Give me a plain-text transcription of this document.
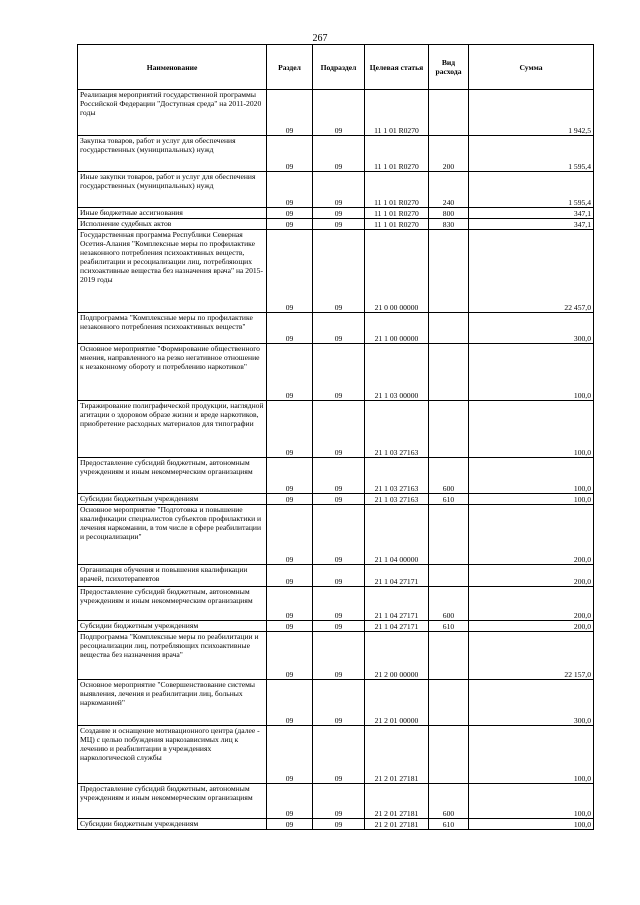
267
Наименование	Раздел	Подраздел	Целевая статья	Вид расхода	Сумма
Реализация мероприятий государственной программы Российской Федерации "Доступная среда" на 2011-2020 годы	09	09	11 1 01 R0270		1 942,5
Закупка товаров, работ и услуг для обеспечения государственных (муниципальных) нужд	09	09	11 1 01 R0270	200	1 595,4
Иные закупки товаров, работ и услуг для обеспечения государственных (муниципальных) нужд	09	09	11 1 01 R0270	240	1 595,4
Иные бюджетные ассигнования	09	09	11 1 01 R0270	800	347,1
Исполнение судебных актов	09	09	11 1 01 R0270	830	347,1
Государственная программа Республики Северная Осетия-Алания "Комплексные меры по профилактике незаконного потребления психоактивных веществ, реабилитации и ресоциализации лиц, потребляющих психоактивные вещества без назначения врача" на 2015-2019 годы	09	09	21 0 00 00000		22 457,0
Подпрограмма "Комплексные меры по профилактике незаконного потребления психоактивных веществ"	09	09	21 1 00 00000		300,0
Основное мероприятие "Формирование общественного мнения, направленного на резко негативное отношение к незаконному обороту и потреблению наркотиков"	09	09	21 1 03 00000		100,0
Тиражирование полиграфической продукции, наглядной агитации о здоровом образе жизни и вреде наркотиков, приобретение расходных материалов для типографии	09	09	21 1 03 27163		100,0
Предоставление субсидий бюджетным, автономным учреждениям и иным некоммерческим организациям	09	09	21 1 03 27163	600	100,0
Субсидии бюджетным учреждениям	09	09	21 1 03 27163	610	100,0
Основное мероприятие "Подготовка и повышение квалификации специалистов субъектов профилактики и лечения наркомании, в том числе в сфере реабилитации и ресоциализации"	09	09	21 1 04 00000		200,0
Организация обучения и повышения квалификации врачей, психотерапевтов	09	09	21 1 04 27171		200,0
Предоставление субсидий бюджетным, автономным учреждениям и иным некоммерческим организациям	09	09	21 1 04 27171	600	200,0
Субсидии бюджетным учреждениям	09	09	21 1 04 27171	610	200,0
Подпрограмма "Комплексные меры по реабилитации и ресоциализации лиц, потребляющих психоактивные вещества без назначения врача"	09	09	21 2 00 00000		22 157,0
Основное мероприятие "Совершенствование системы выявления, лечения и реабилитации лиц, больных наркоманией"	09	09	21 2 01 00000		300,0
Создание и оснащение мотивационного центра (далее - МЦ) с целью побуждения наркозависимых лиц к лечению и реабилитации в учреждениях наркологической службы	09	09	21 2 01 27181		100,0
Предоставление субсидий бюджетным, автономным учреждениям и иным некоммерческим организациям	09	09	21 2 01 27181	600	100,0
Субсидии бюджетным учреждениям	09	09	21 2 01 27181	610	100,0
